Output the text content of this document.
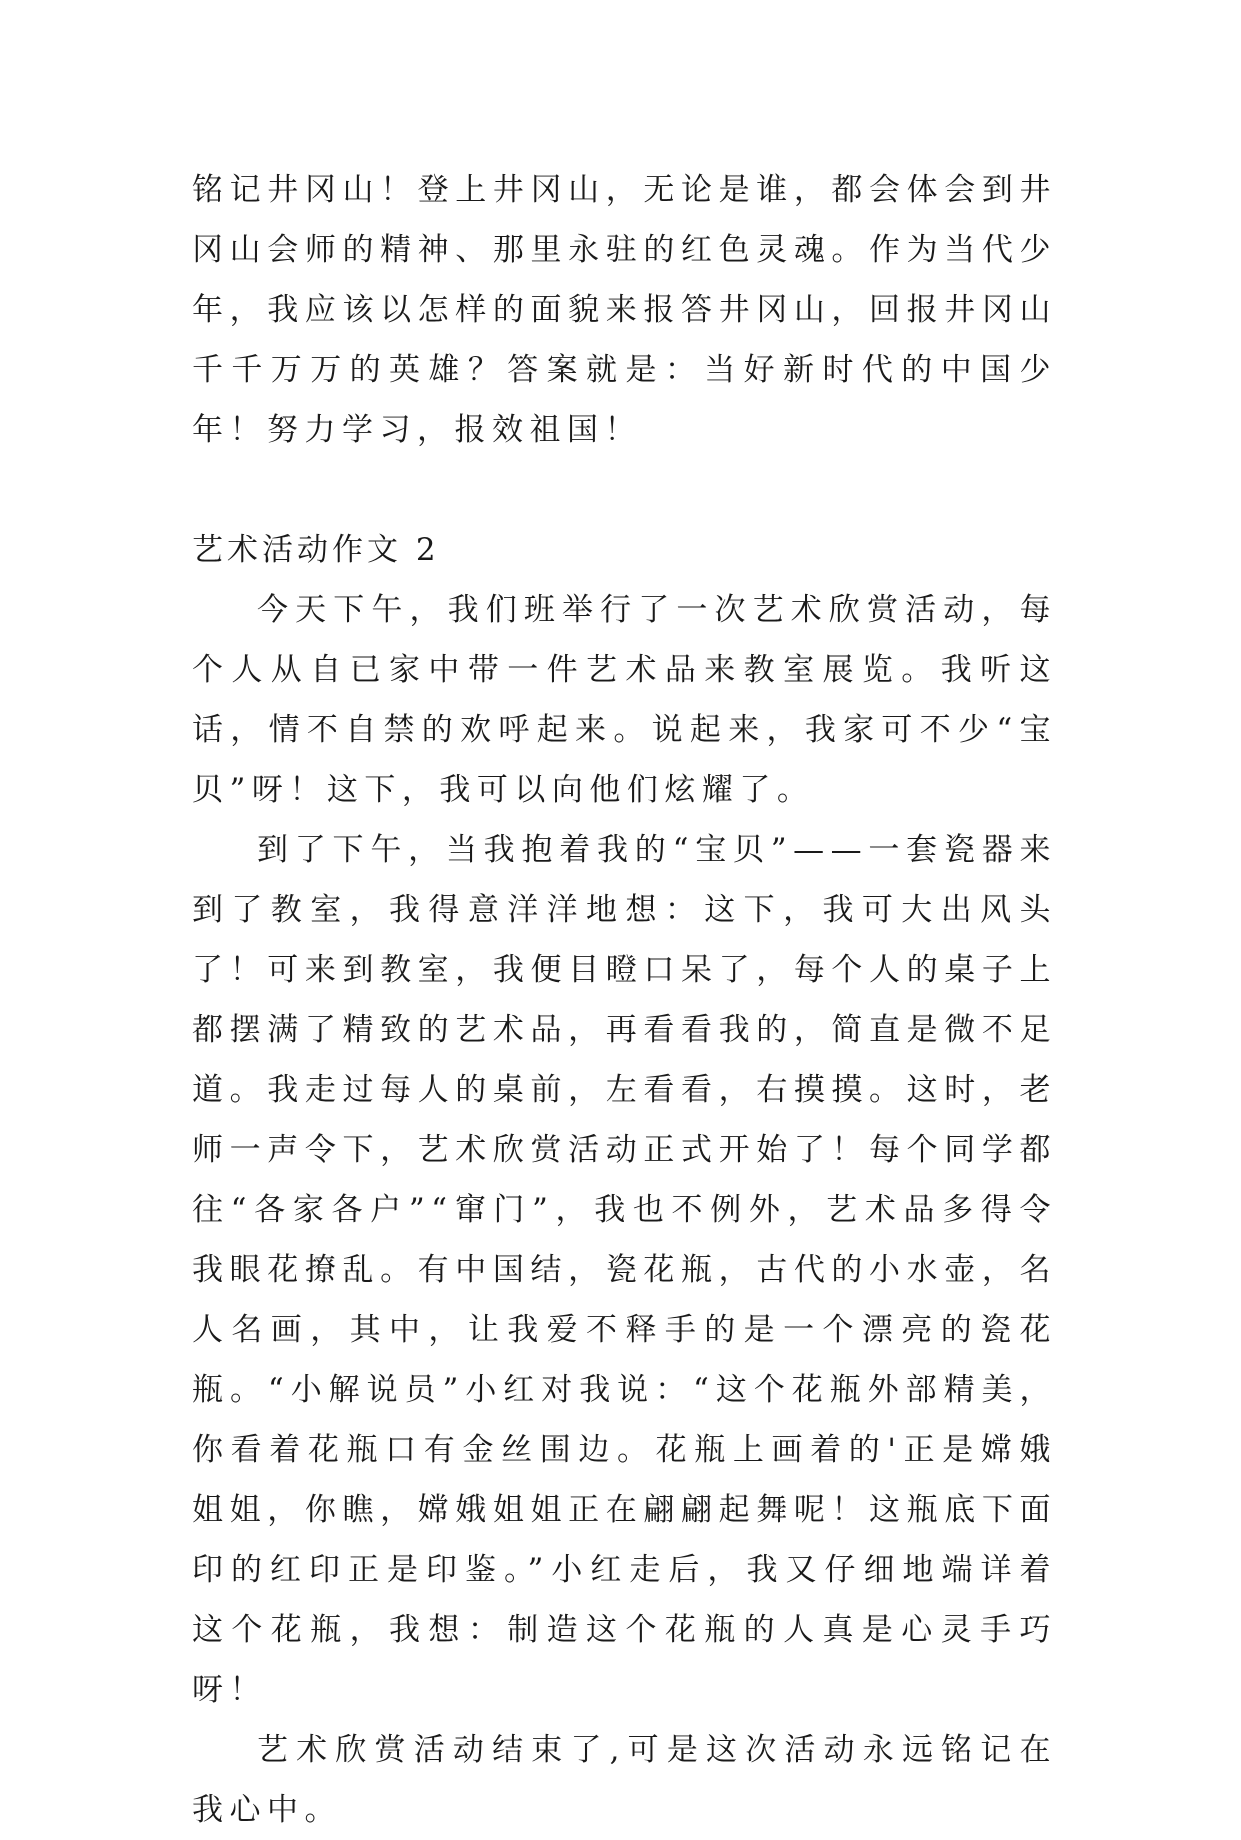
铭记井冈山！登上井冈山，无论是谁，都会体会到井冈山会师的精神、那里永驻的红色灵魂。作为当代少年，我应该以怎样的面貌来报答井冈山，回报井冈山千千万万的英雄？答案就是：当好新时代的中国少年！努力学习，报效祖国！

艺术活动作文 2

今天下午，我们班举行了一次艺术欣赏活动，每个人从自已家中带一件艺术品来教室展览。我听这话，情不自禁的欢呼起来。说起来，我家可不少“宝贝”呀！这下，我可以向他们炫耀了。

到了下午，当我抱着我的“宝贝”——一套瓷器来到了教室，我得意洋洋地想：这下，我可大出风头了！可来到教室，我便目瞪口呆了，每个人的桌子上都摆满了精致的艺术品，再看看我的，简直是微不足道。我走过每人的桌前，左看看，右摸摸。这时，老师一声令下，艺术欣赏活动正式开始了！每个同学都往“各家各户”“窜门”，我也不例外，艺术品多得令我眼花撩乱。有中国结，瓷花瓶，古代的小水壶，名人名画，其中，让我爱不释手的是一个漂亮的瓷花瓶。“小解说员”小红对我说：“这个花瓶外部精美，你看着花瓶口有金丝围边。花瓶上画着的'正是嫦娥姐姐，你瞧，嫦娥姐姐正在翩翩起舞呢！这瓶底下面印的红印正是印鉴。”小红走后，我又仔细地端详着这个花瓶，我想：制造这个花瓶的人真是心灵手巧呀！

艺术欣赏活动结束了,可是这次活动永远铭记在我心中。
